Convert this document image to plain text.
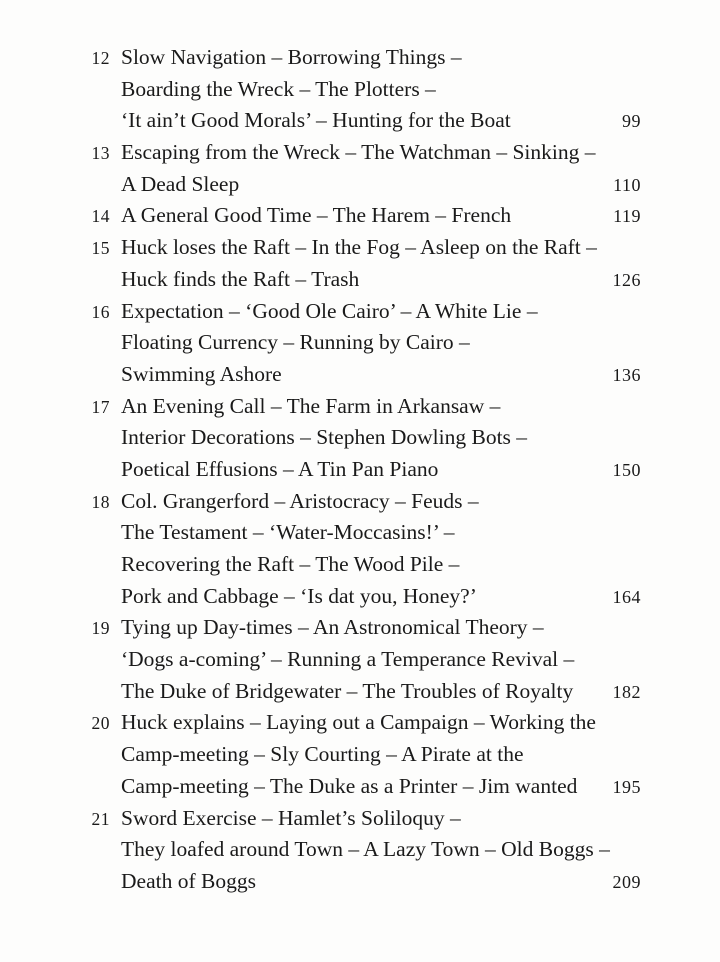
12 Slow Navigation – Borrowing Things –
Boarding the Wreck – The Plotters –
‘It ain’t Good Morals’ – Hunting for the Boat	99
13 Escaping from the Wreck – The Watchman – Sinking –
A Dead Sleep	110
14 A General Good Time – The Harem – French	119
15 Huck loses the Raft – In the Fog – Asleep on the Raft –
Huck finds the Raft – Trash	126
16 Expectation – ‘Good Ole Cairo’ – A White Lie –
Floating Currency – Running by Cairo –
Swimming Ashore	136
17 An Evening Call – The Farm in Arkansaw –
Interior Decorations – Stephen Dowling Bots –
Poetical Effusions – A Tin Pan Piano	150
18 Col. Grangerford – Aristocracy – Feuds –
The Testament – ‘Water-Moccasins!’ –
Recovering the Raft – The Wood Pile –
Pork and Cabbage – ‘Is dat you, Honey?’	164
19 Tying up Day-times – An Astronomical Theory –
‘Dogs a-coming’ – Running a Temperance Revival –
The Duke of Bridgewater – The Troubles of Royalty 182
20 Huck explains – Laying out a Campaign – Working the
Camp-meeting – Sly Courting – A Pirate at the
Camp-meeting – The Duke as a Printer – Jim wanted 195
21 Sword Exercise – Hamlet’s Soliloquy –
They loafed around Town – A Lazy Town – Old Boggs –
Death of Boggs	209
